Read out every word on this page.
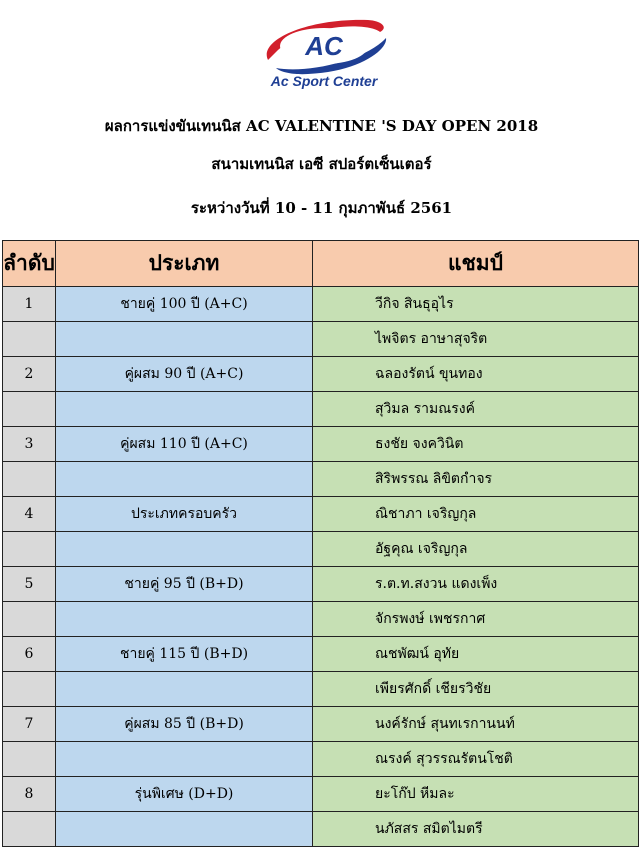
AC
Ac Sport Center
ผลการแข่งขันเทนนิส AC VALENTINE 'S DAY OPEN 2018
สนามเทนนิส เอซี สปอร์ตเซ็นเตอร์
ระหว่างวันที่ 10 - 11 กุมภาพันธ์ 2561
ลำดับ	ประเภท	แชมป์
1	ชายคู่ 100 ปี (A+C)	วีกิจ สินธุอุไร
		ไพจิตร อาษาสุจริต
2	คู่ผสม 90 ปี (A+C)	ฉลองรัตน์ ขุนทอง
		สุวิมล รามณรงค์
3	คู่ผสม 110 ปี (A+C)	ธงชัย จงควินิต
		สิริพรรณ ลิขิตกำจร
4	ประเภทครอบครัว	ณิชาภา เจริญกุล
		อัฐคุณ เจริญกุล
5	ชายคู่ 95 ปี (B+D)	ร.ต.ท.สงวน แดงเพ็ง
		จักรพงษ์ เพชรกาศ
6	ชายคู่ 115 ปี (B+D)	ณชพัฒน์ อุทัย
		เพียรศักดิ์ เชียรวิชัย
7	คู่ผสม 85 ปี (B+D)	นงค์รักษ์ สุนทเรกานนท์
		ณรงค์ สุวรรณรัตนโชติ
8	รุ่นพิเศษ (D+D)	ยะโก๊ป หีมละ
		นภัสสร สมิตไมตรี
